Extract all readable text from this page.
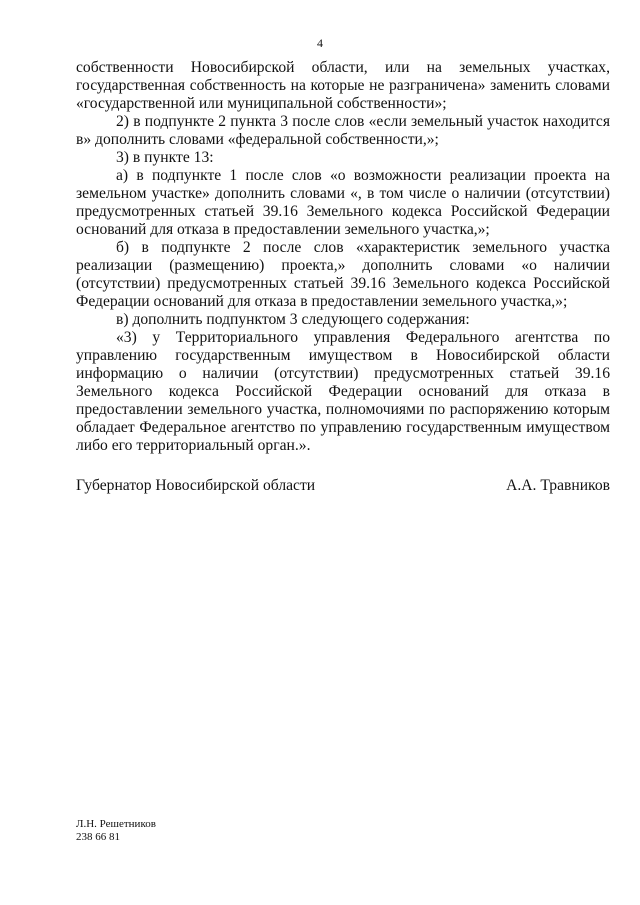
4

собственности Новосибирской области, или на земельных участках, государственная собственность на которые не разграничена» заменить словами «государственной или муниципальной собственности»;

2) в подпунктe 2 пункта 3 после слов «если земельный участок находится в» дополнить словами «федеральной собственности,»;

3) в пункте 13:

а) в подпункте 1 после слов «о возможности реализации проекта на земельном участке» дополнить словами «, в том числе о наличии (отсутствии) предусмотренных статьей 39.16 Земельного кодекса Российской Федерации оснований для отказа в предоставлении земельного участка,»;

б) в подпункте 2 после слов «характеристик земельного участка реализации (размещению) проекта,» дополнить словами «о наличии (отсутствии) предусмотренных статьей 39.16 Земельного кодекса Российской Федерации оснований для отказа в предоставлении земельного участка,»;

в) дополнить подпунктом 3 следующего содержания:

«3) у Территориального управления Федерального агентства по управлению государственным имуществом в Новосибирской области информацию о наличии (отсутствии) предусмотренных статьей 39.16 Земельного кодекса Российской Федерации оснований для отказа в предоставлении земельного участка, полномочиями по распоряжению которым обладает Федеральное агентство по управлению государственным имуществом либо его территориальный орган.».

Губернатор Новосибирской области	А.А. Травников
Л.Н. Решетников
238 66 81
